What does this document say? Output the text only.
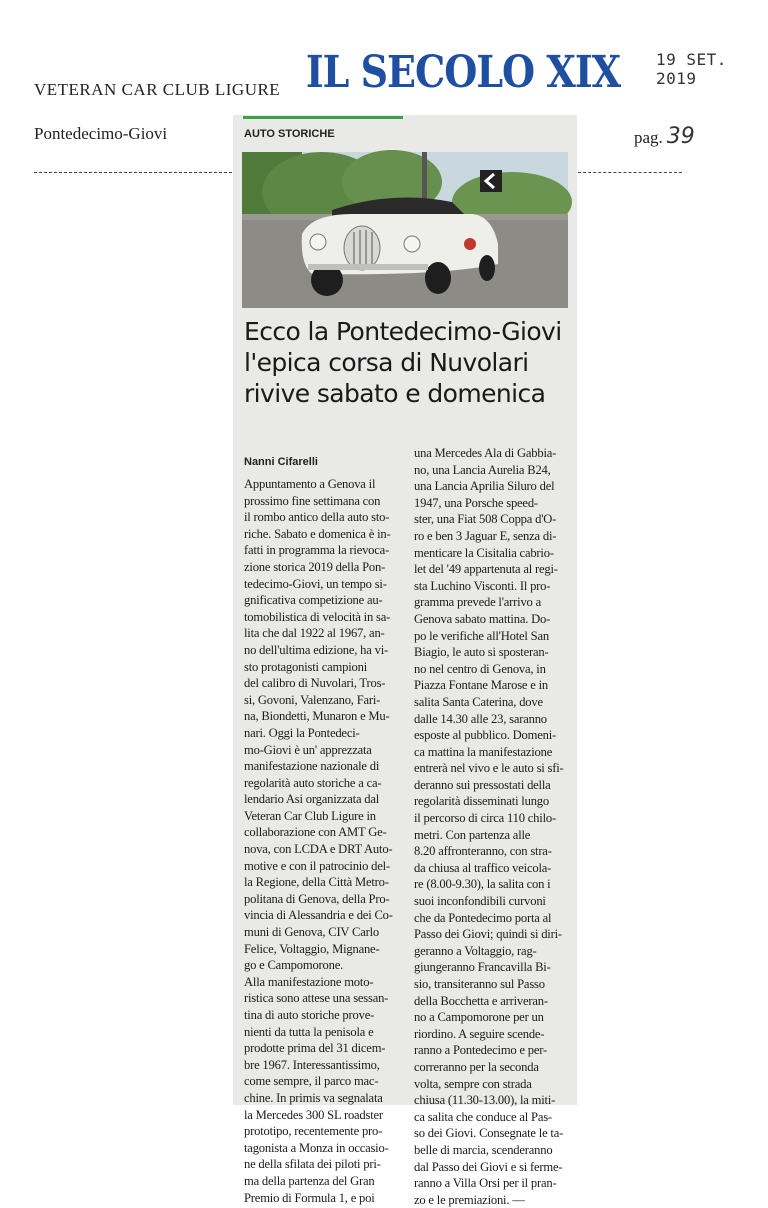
VETERAN CAR CLUB LIGURE
Pontedecimo-Giovi	pag. 39
IL SECOLO XIX 19 SET. 2019
AUTO STORICHE
Ecco la Pontedecimo-Giovi
l'epica corsa di Nuvolari
rivive sabato e domenica
Nanni Cifarelli
Appuntamento a Genova il
prossimo fine settimana con
il rombo antico della auto sto-
riche. Sabato e domenica è in-
fatti in programma la rievoca-
zione storica 2019 della Pon-
tedecimo-Giovi, un tempo si-
gnificativa competizione au-
tomobilistica di velocità in sa-
lita che dal 1922 al 1967, an-
no dell'ultima edizione, ha vi-
sto protagonisti campioni
del calibro di Nuvolari, Tros-
si, Govoni, Valenzano, Fari-
na, Biondetti, Munaron e Mu-
nari. Oggi la Pontedeci-
mo-Giovi è un' apprezzata
manifestazione nazionale di
regolarità auto storiche a ca-
lendario Asi organizzata dal
Veteran Car Club Ligure in
collaborazione con AMT Ge-
nova, con LCDA e DRT Auto-
motive e con il patrocinio del-
la Regione, della Città Metro-
politana di Genova, della Pro-
vincia di Alessandria e dei Co-
muni di Genova, CIV Carlo
Felice, Voltaggio, Mignane-
go e Campomorone.
Alla manifestazione moto-
ristica sono attese una sessan-
tina di auto storiche prove-
nienti da tutta la penisola e
prodotte prima del 31 dicem-
bre 1967. Interessantissimo,
come sempre, il parco mac-
chine. In primis va segnalata
la Mercedes 300 SL roadster
prototipo, recentemente pro-
tagonista a Monza in occasio-
ne della sfilata dei piloti pri-
ma della partenza del Gran
Premio di Formula 1, e poi
una Mercedes Ala di Gabbia-
no, una Lancia Aurelia B24,
una Lancia Aprilia Siluro del
1947, una Porsche speed-
ster, una Fiat 508 Coppa d'O-
ro e ben 3 Jaguar E, senza di-
menticare la Cisitalia cabrio-
let del '49 appartenuta al regi-
sta Luchino Visconti. Il pro-
gramma prevede l'arrivo a
Genova sabato mattina. Do-
po le verifiche all'Hotel San
Biagio, le auto si sposteran-
no nel centro di Genova, in
Piazza Fontane Marose e in
salita Santa Caterina, dove
dalle 14.30 alle 23, saranno
esposte al pubblico. Domeni-
ca mattina la manifestazione
entrerà nel vivo e le auto si sfi-
deranno sui pressostati della
regolarità disseminati lungo
il percorso di circa 110 chilo-
metri. Con partenza alle
8.20 affronteranno, con stra-
da chiusa al traffico veicola-
re (8.00-9.30), la salita con i
suoi inconfondibili curvoni
che da Pontedecimo porta al
Passo dei Giovi; quindi si diri-
geranno a Voltaggio, rag-
giungeranno Francavilla Bi-
sio, transiteranno sul Passo
della Bocchetta e arriveran-
no a Campomorone per un
riordino. A seguire scende-
ranno a Pontedecimo e per-
correranno per la seconda
volta, sempre con strada
chiusa (11.30-13.00), la miti-
ca salita che conduce al Pas-
so dei Giovi. Consegnate le ta-
belle di marcia, scenderanno
dal Passo dei Giovi e si ferme-
ranno a Villa Orsi per il pran-
zo e le premiazioni. —
